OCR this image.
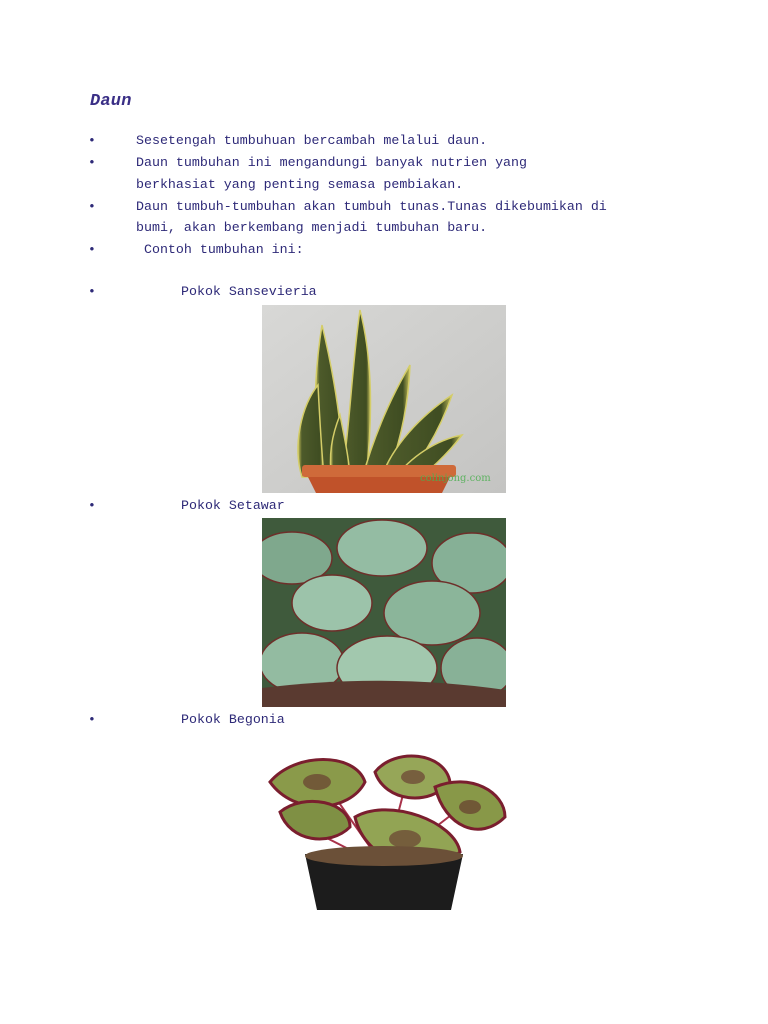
Daun
•	Sesetengah tumbuhuan bercambah melalui daun.
•	Daun tumbuhan ini mengandungi banyak nutrien yang
berkhasiat yang penting semasa pembiakan.
•	Daun tumbuh-tumbuhan akan tumbuh tunas.Tunas dikebumikan di
bumi, akan berkembang menjadi tumbuhan baru.
•	Contoh tumbuhan ini:
•	Pokok Sansevieria
colinjong.com
•	Pokok Setawar
•	Pokok Begonia
